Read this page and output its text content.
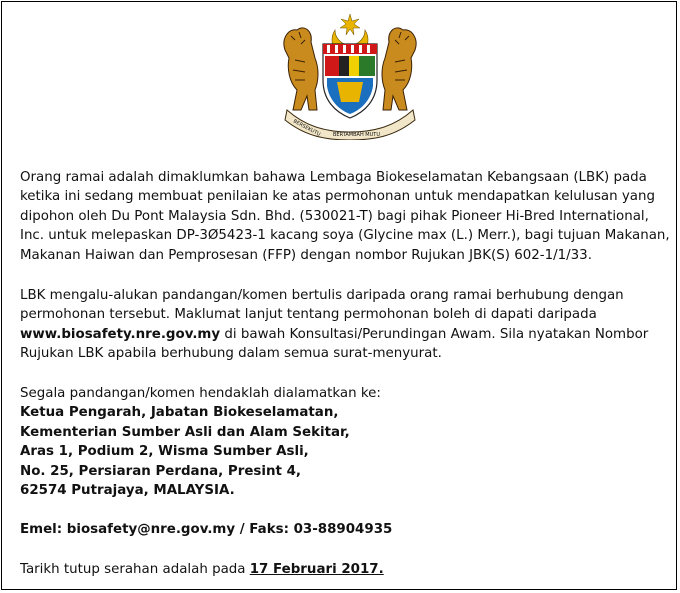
BERSEKUTU BERTAMBAH MUTU
Orang ramai adalah dimaklumkan bahawa Lembaga Biokeselamatan Kebangsaan (LBK) pada
ketika ini sedang membuat penilaian ke atas permohonan untuk mendapatkan kelulusan yang
dipohon oleh Du Pont Malaysia Sdn. Bhd. (530021-T) bagi pihak Pioneer Hi-Bred International,
Inc. untuk melepaskan DP-3Ø5423-1 kacang soya (Glycine max (L.) Merr.), bagi tujuan Makanan,
Makanan Haiwan dan Pemprosesan (FFP) dengan nombor Rujukan JBK(S) 602-1/1/33.
LBK mengalu-alukan pandangan/komen bertulis daripada orang ramai berhubung dengan
permohonan tersebut. Maklumat lanjut tentang permohonan boleh di dapati daripada
www.biosafety.nre.gov.my di bawah Konsultasi/Perundingan Awam. Sila nyatakan Nombor
Rujukan LBK apabila berhubung dalam semua surat-menyurat.
Segala pandangan/komen hendaklah dialamatkan ke:
Ketua Pengarah, Jabatan Biokeselamatan,
Kementerian Sumber Asli dan Alam Sekitar,
Aras 1, Podium 2, Wisma Sumber Asli,
No. 25, Persiaran Perdana, Presint 4,
62574 Putrajaya, MALAYSIA.
Emel: biosafety@nre.gov.my / Faks: 03-88904935
Tarikh tutup serahan adalah pada 17 Februari 2017.
